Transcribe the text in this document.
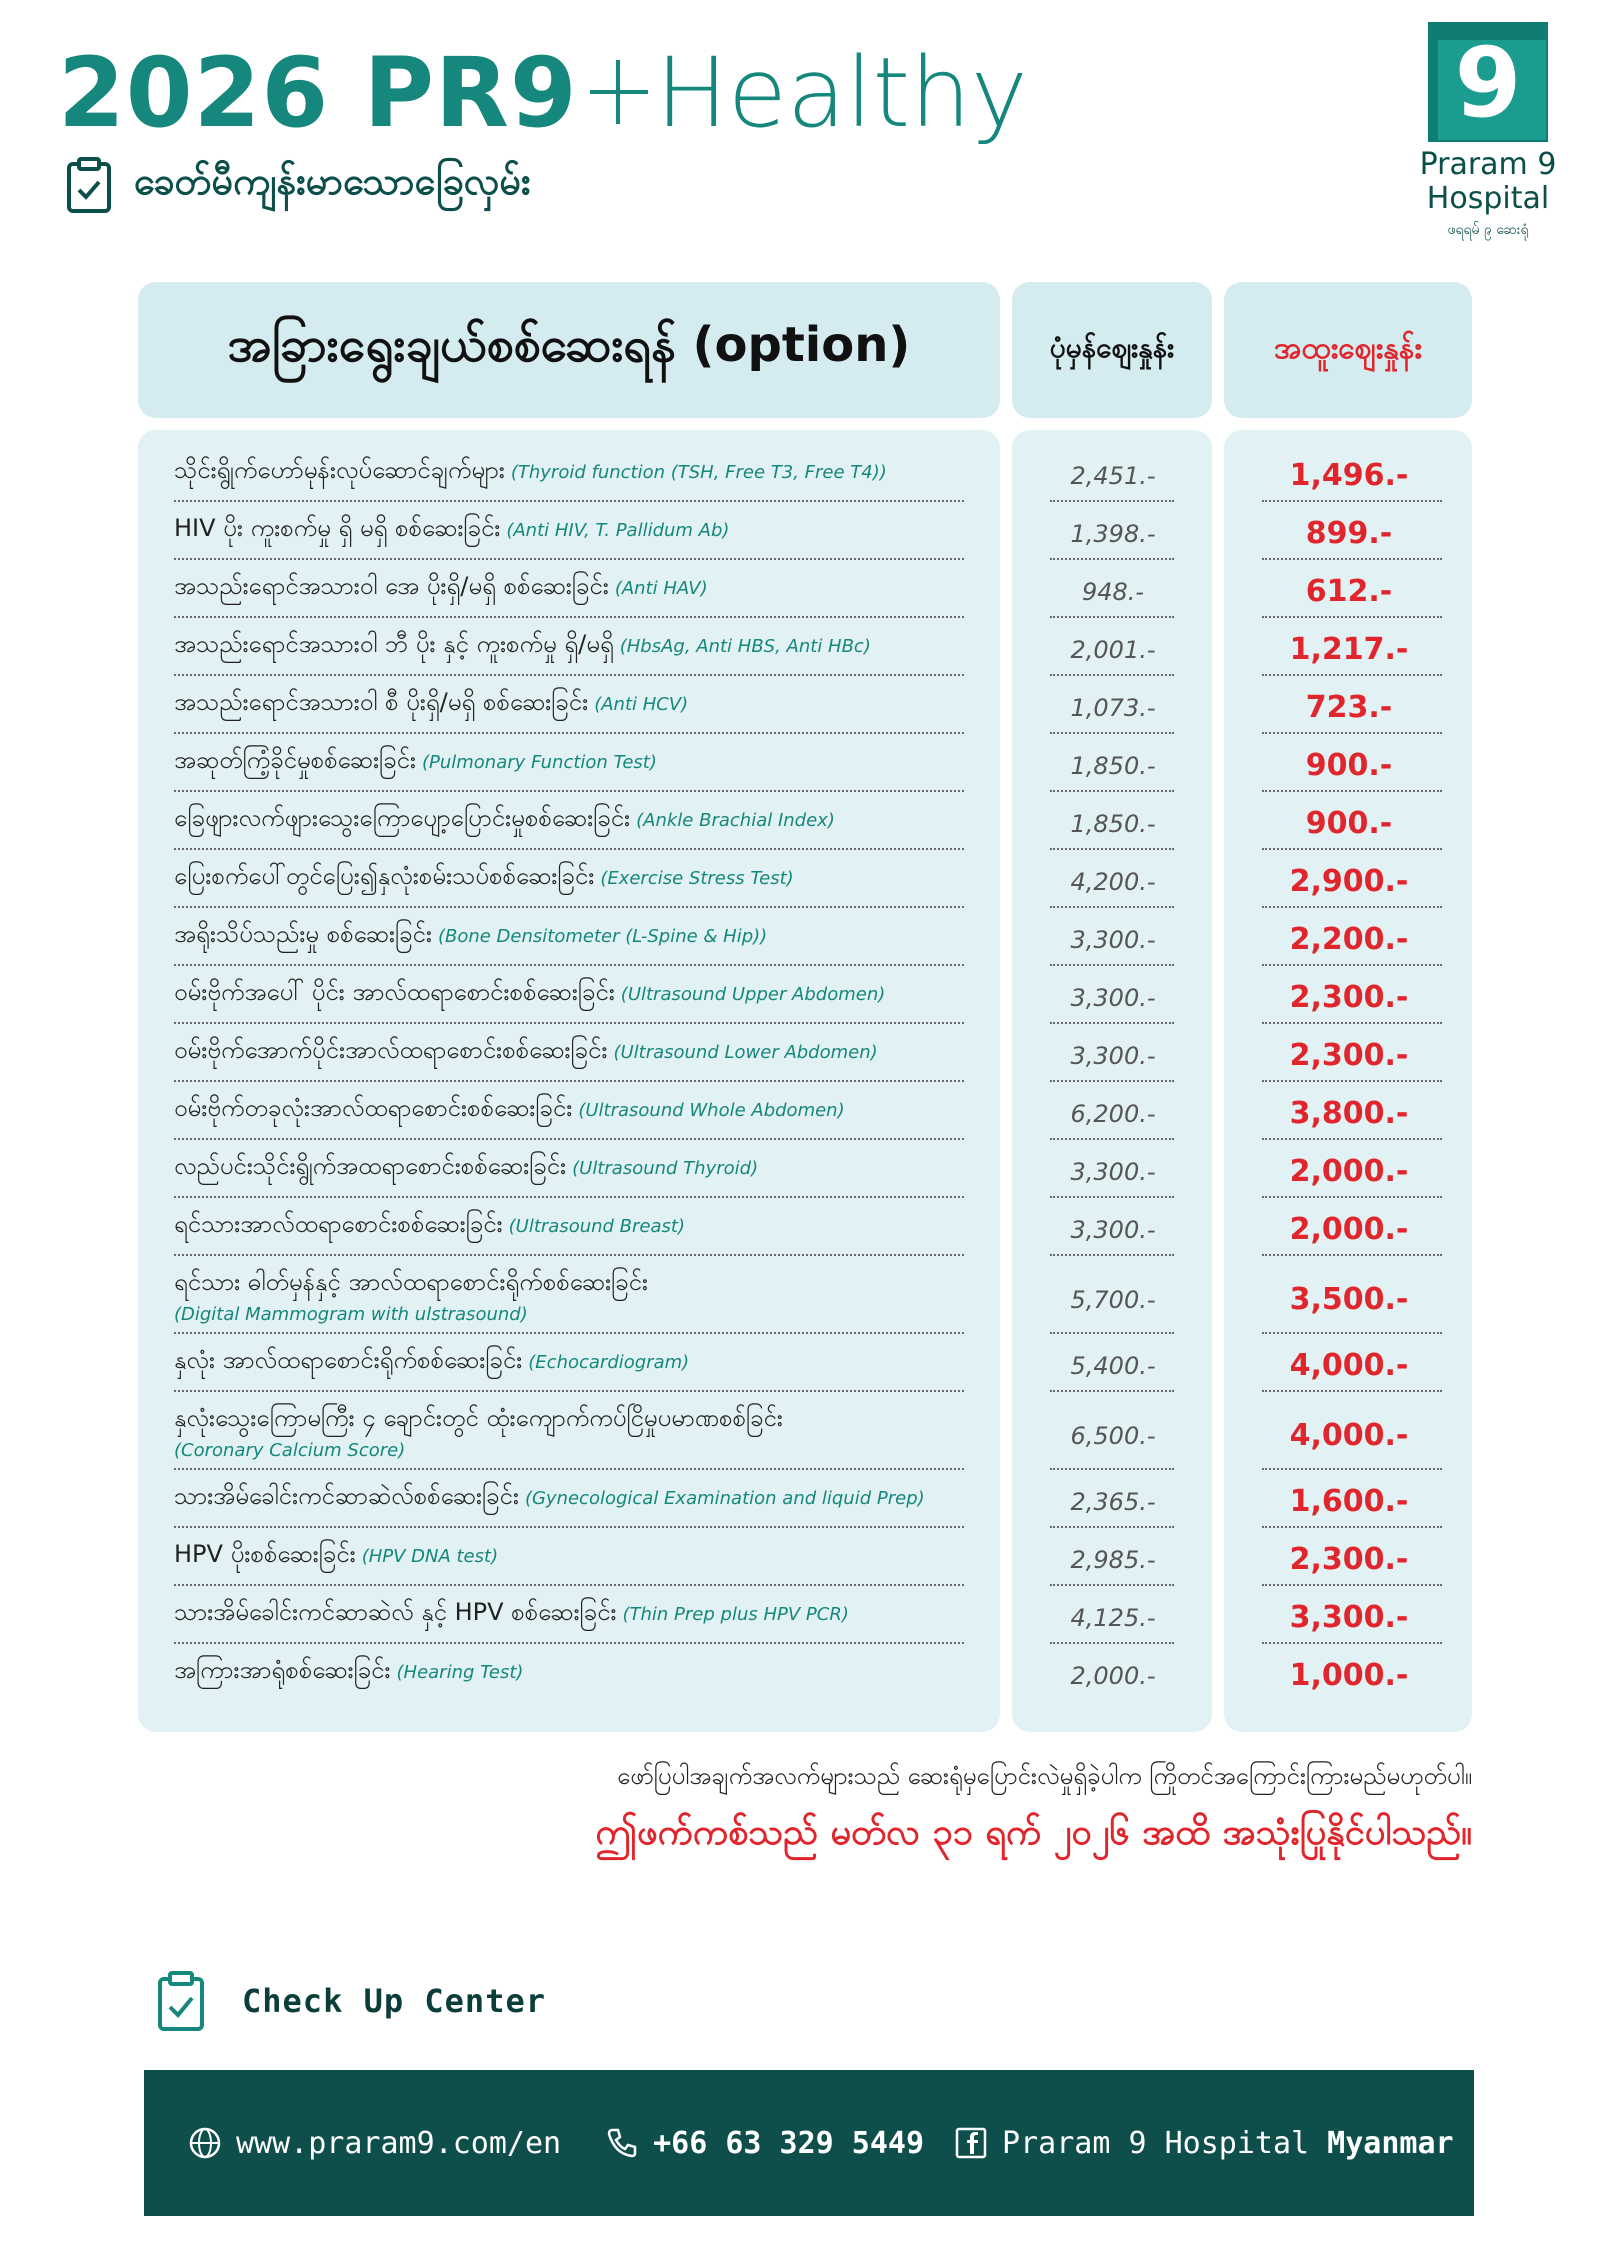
2026 PR9 Healthy
ခေတ်မီကျန်းမာသောခြေလှမ်း
9
Praram 9
Hospital
ဖရရမ် ၉ ဆေးရုံ
အခြားရွေးချယ်စစ်ဆေးရန် (option)	ပုံမှန်ဈေးနှုန်း	အထူးဈေးနှုန်း
သိုင်းရွိုက်ဟော်မုန်းလုပ်ဆောင်ချက်များ (Thyroid function (TSH, Free T3, Free T4))	2,451.-	1,496.-
HIV ပိုး ကူးစက်မှု ရှိ မရှိ စစ်ဆေးခြင်း (Anti HIV, T. Pallidum Ab)	1,398.-	899.-
အသည်းရောင်အသားဝါ အေ ပိုးရှိ/မရှိ စစ်ဆေးခြင်း (Anti HAV)	948.-	612.-
အသည်းရောင်အသားဝါ ဘီ ပိုး နှင့် ကူးစက်မှု ရှိ/မရှိ (HbsAg, Anti HBS, Anti HBc)	2,001.-	1,217.-
အသည်းရောင်အသားဝါ စီ ပိုးရှိ/မရှိ စစ်ဆေးခြင်း (Anti HCV)	1,073.-	723.-
အဆုတ်ကြံ့ခိုင်မှုစစ်ဆေးခြင်း (Pulmonary Function Test)	1,850.-	900.-
ခြေဖျားလက်ဖျားသွေးကြောပျော့ပြောင်းမှုစစ်ဆေးခြင်း (Ankle Brachial Index)	1,850.-	900.-
ပြေးစက်ပေါ်တွင်ပြေး၍နှလုံးစမ်းသပ်စစ်ဆေးခြင်း (Exercise Stress Test)	4,200.-	2,900.-
အရိုးသိပ်သည်းမှု စစ်ဆေးခြင်း (Bone Densitometer (L-Spine & Hip))	3,300.-	2,200.-
ဝမ်းဗိုက်အပေါ် ပိုင်း အာလ်ထရာစောင်းစစ်ဆေးခြင်း (Ultrasound Upper Abdomen)	3,300.-	2,300.-
ဝမ်းဗိုက်အောက်ပိုင်းအာလ်ထရာစောင်းစစ်ဆေးခြင်း (Ultrasound Lower Abdomen)	3,300.-	2,300.-
ဝမ်းဗိုက်တခုလုံးအာလ်ထရာစောင်းစစ်ဆေးခြင်း (Ultrasound Whole Abdomen)	6,200.-	3,800.-
လည်ပင်းသိုင်းရွိုက်အထရာစောင်းစစ်ဆေးခြင်း (Ultrasound Thyroid)	3,300.-	2,000.-
ရင်သားအာလ်ထရာစောင်းစစ်ဆေးခြင်း (Ultrasound Breast)	3,300.-	2,000.-
ရင်သား ဓါတ်မှန်နှင့် အာလ်ထရာစောင်းရိုက်စစ်ဆေးခြင်း
(Digital Mammogram with ulstrasound)
5,700.-	3,500.-
နှလုံး အာလ်ထရာစောင်းရိုက်စစ်ဆေးခြင်း (Echocardiogram)	5,400.-	4,000.-
နှလုံးသွေးကြောမကြီး ၄ ချောင်းတွင် ထုံးကျောက်ကပ်ငြိမှုပမာဏစစ်ခြင်း
(Coronary Calcium Score)
6,500.-	4,000.-
သားအိမ်ခေါင်းကင်ဆာဆဲလ်စစ်ဆေးခြင်း (Gynecological Examination and liquid Prep)	2,365.-	1,600.-
HPV ပိုးစစ်ဆေးခြင်း (HPV DNA test)	2,985.-	2,300.-
သားအိမ်ခေါင်းကင်ဆာဆဲလ် နှင့် HPV စစ်ဆေးခြင်း (Thin Prep plus HPV PCR)	4,125.-	3,300.-
အကြားအာရုံစစ်ဆေးခြင်း (Hearing Test)	2,000.-	1,000.-
ဖော်ပြပါအချက်အလက်များသည် ဆေးရုံမှပြောင်းလဲမှုရှိခဲ့ပါက ကြိုတင်အကြောင်းကြားမည်မဟုတ်ပါ။
ဤဖက်ကစ်သည် မတ်လ ၃၁ ရက် ၂၀၂၆ အထိ အသုံးပြုနိုင်ပါသည်။
Check Up Center
www.praram9.com/en	+66 63 329 5449	Praram 9 Hospital
Myanmar
